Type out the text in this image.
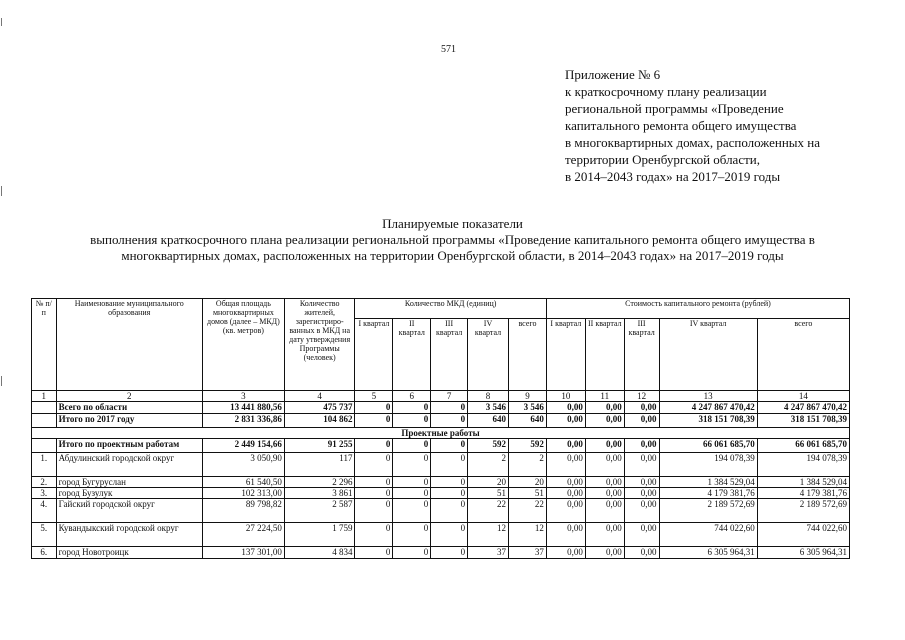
571
Приложение № 6
к краткосрочному плану реализации
региональной программы «Проведение
капитального ремонта общего имущества
в многоквартирных домах, расположенных на
территории Оренбургской области,
в 2014–2043 годах» на 2017–2019 годы
Планируемые показатели
выполнения краткосрочного плана реализации региональной программы «Проведение капитального ремонта общего имущества в
многоквартирных домах, расположенных на территории Оренбургской области, в 2014–2043 годах» на 2017–2019 годы
№ п/п	Наименование муниципального образования	Общая площадь многоквартирных домов (далее – МКД) (кв. метров)	Количество жителей, зарегистриро-ванных в МКД на дату утверждения Программы (человек)	Количество МКД (единиц)					Стоимость капитального ремонта (рублей)				
				I квартал	II квартал	III квартал	IV квартал	всего	I квартал	II квартал	III квартал	IV квартал	всего
1	2	3	4	5	6	7	8	9	10	11	12	13	14
	Всего по области	13 441 880,56	475 737	0	0	0	3 546	3 546	0,00	0,00	0,00	4 247 867 470,42	4 247 867 470,42
	Итого по 2017 году	2 831 336,86	104 862	0	0	0	640	640	0,00	0,00	0,00	318 151 708,39	318 151 708,39
Проектные работы													
	Итого по проектным работам	2 449 154,66	91 255	0	0	0	592	592	0,00	0,00	0,00	66 061 685,70	66 061 685,70
1.	Абдулинский городской округ	3 050,90	117	0	0	0	2	2	0,00	0,00	0,00	194 078,39	194 078,39
2.	город Бугуруслан	61 540,50	2 296	0	0	0	20	20	0,00	0,00	0,00	1 384 529,04	1 384 529,04
3.	город Бузулук	102 313,00	3 861	0	0	0	51	51	0,00	0,00	0,00	4 179 381,76	4 179 381,76
4.	Гайский городской округ	89 798,82	2 587	0	0	0	22	22	0,00	0,00	0,00	2 189 572,69	2 189 572,69
5.	Кувандыкский городской округ	27 224,50	1 759	0	0	0	12	12	0,00	0,00	0,00	744 022,60	744 022,60
6.	город Новотроицк	137 301,00	4 834	0	0	0	37	37	0,00	0,00	0,00	6 305 964,31	6 305 964,31
